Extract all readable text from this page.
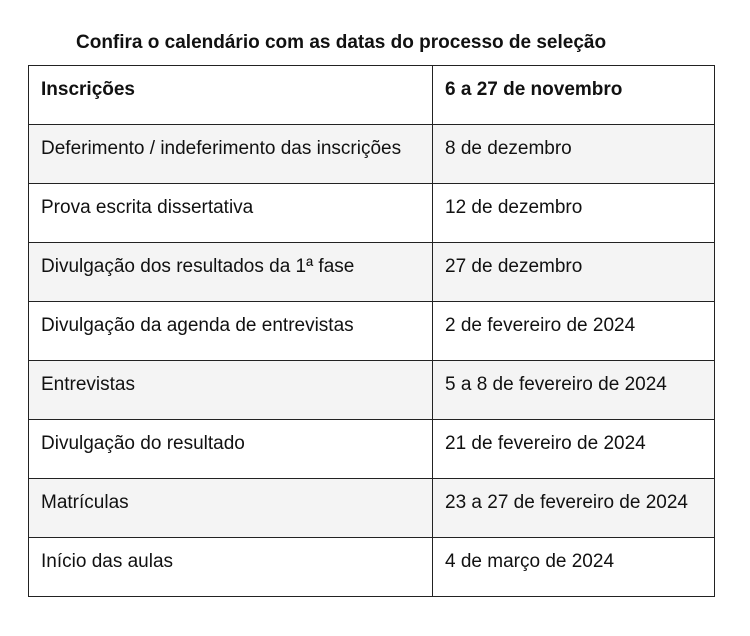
Confira o calendário com as datas do processo de seleção
Inscrições	6 a 27 de novembro

Deferimento / indeferimento das inscrições	8 de dezembro

Prova escrita dissertativa	12 de dezembro

Divulgação dos resultados da 1ª fase	27 de dezembro

Divulgação da agenda de entrevistas	2 de fevereiro de 2024

Entrevistas	5 a 8 de fevereiro de 2024

Divulgação do resultado	21 de fevereiro de 2024

Matrículas	23 a 27 de fevereiro de 2024

Início das aulas	4 de março de 2024
